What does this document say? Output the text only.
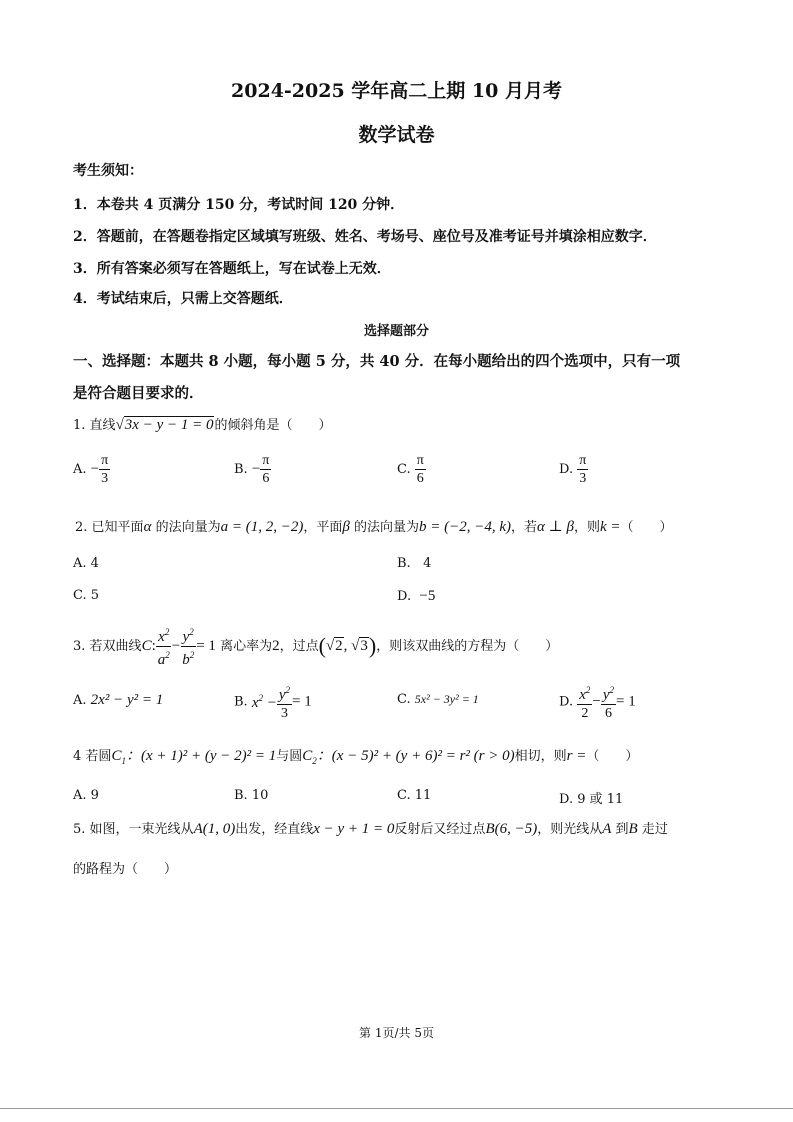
2024-2025 学年高二上期 10 月月考
数学试卷
考生须知：
1．本卷共 4 页满分 150 分，考试时间 120 分钟．
2．答题前，在答题卷指定区域填写班级、姓名、考场号、座位号及准考证号并填涂相应数字．
3．所有答案必须写在答题纸上，写在试卷上无效．
4．考试结束后，只需上交答题纸．
选择题部分
一、选择题：本题共 8 小题，每小题 5 分，共 40 分．在每小题给出的四个选项中，只有一项
是符合题目要求的．
1. 直线√3x − y − 1 = 0的倾斜角是（　　）
A. − $\frac{\pi}{3}$	B. − $\frac{\pi}{6}$	C. $\frac{\pi}{6}$	D. $\frac{\pi}{3}$
2. 已知平面α 的法向量为a = (1, 2, −2)，平面β 的法向量为b = (−2, −4, k)，若α ⊥ β，则k =（　　）
A. 4	B. 4
C. 5	D. −5
3. 若双曲线C: $\frac{x^2}{a^2} - \frac{y^2}{b^2} = 1$ 离心率为2，过点(√2, √3)，则该双曲线的方程为（　　）
A. 2x² − y² = 1	B. $x^2 - \frac{y^2}{3} = 1$	C. 5x² − 3y² = 1	D. $\frac{x^2}{2} - \frac{y^2}{6} = 1$
4 若圆$C_1$：(x + 1)² + (y − 2)² = 1与圆$C_2$：(x − 5)² + (y + 6)² = r² (r > 0)相切，则r =（　　）
A. 9	B. 10	C. 11	D. 9 或 11
5. 如图，一束光线从A(1, 0)出发，经直线x − y + 1 = 0反射后又经过点B(6, −5)，则光线从A 到B 走过
的路程为（　　）
第 1页/共 5页
